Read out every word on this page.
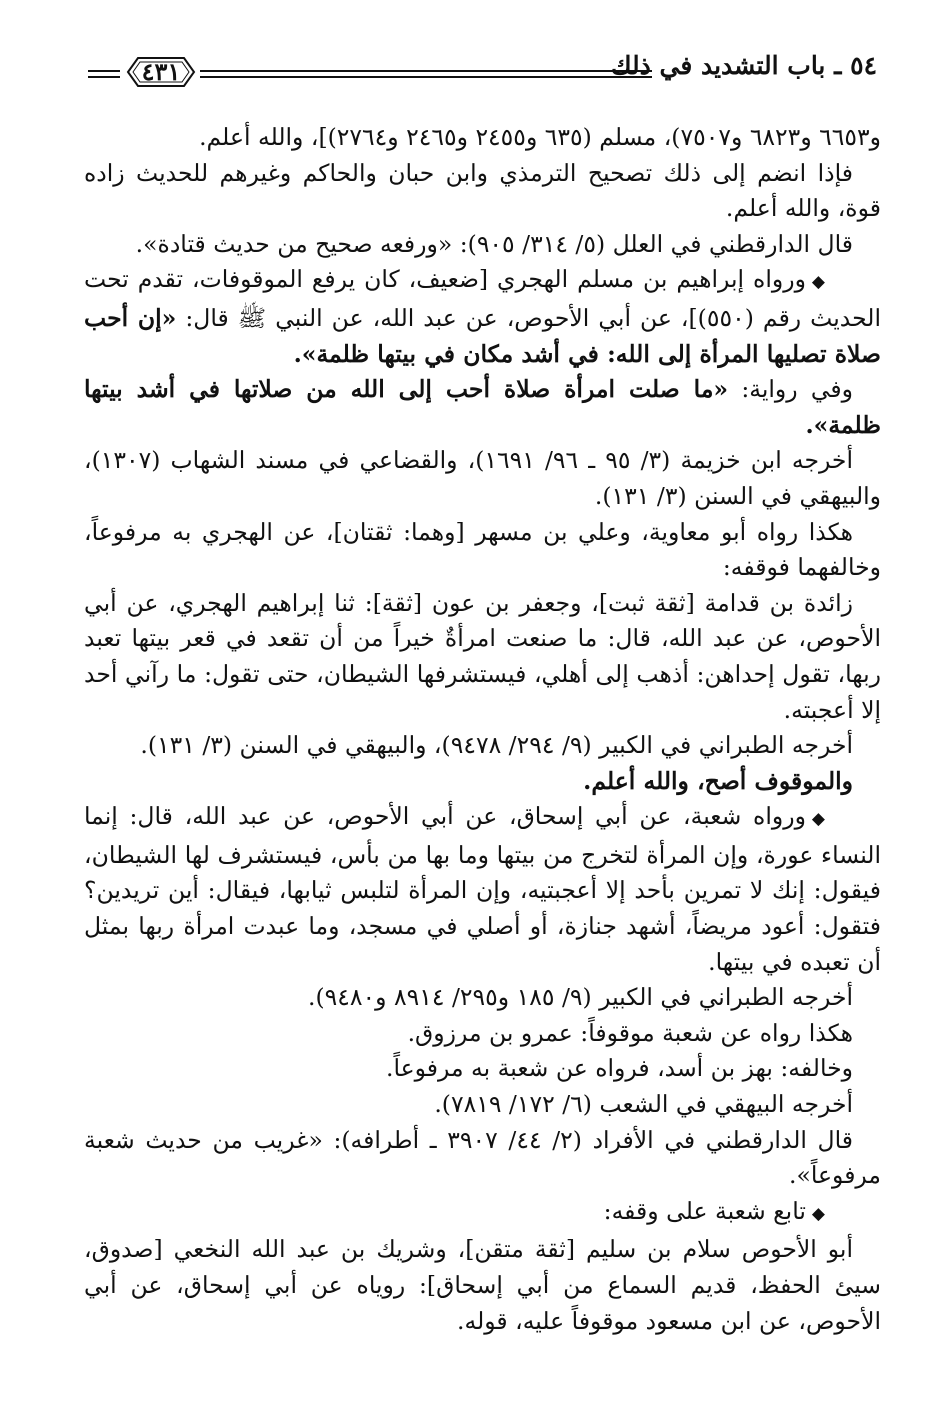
٥٤ ـ باب التشديد في ذلك
٤٣١

و٦٦٥٣ و٦٨٢٣ و٧٥٠٧)، مسلم (٦٣٥ و٢٤٥٥ و٢٤٦٥ و٢٧٦٤)]، والله أعلم.

فإذا انضم إلى ذلك تصحيح الترمذي وابن حبان والحاكم وغيرهم للحديث زاده قوة، والله أعلم.

قال الدارقطني في العلل (٥/ ٣١٤/ ٩٠٥): «ورفعه صحيح من حديث قتادة».

◆ورواه إبراهيم بن مسلم الهجري [ضعيف، كان يرفع الموقوفات، تقدم تحت الحديث رقم (٥٥٠)]، عن أبي الأحوص، عن عبد الله، عن النبي ﷺ قال: «إن أحب صلاة تصليها المرأة إلى الله: في أشد مكان في بيتها ظلمة».

وفي رواية: «ما صلت امرأة صلاة أحب إلى الله من صلاتها في أشد بيتها ظلمة».

أخرجه ابن خزيمة (٣/ ٩٥ ـ ٩٦/ ١٦٩١)، والقضاعي في مسند الشهاب (١٣٠٧)، والبيهقي في السنن (٣/ ١٣١).

هكذا رواه أبو معاوية، وعلي بن مسهر [وهما: ثقتان]، عن الهجري به مرفوعاً، وخالفهما فوقفه:

زائدة بن قدامة [ثقة ثبت]، وجعفر بن عون [ثقة]: ثنا إبراهيم الهجري، عن أبي الأحوص، عن عبد الله، قال: ما صنعت امرأةٌ خيراً من أن تقعد في قعر بيتها تعبد ربها، تقول إحداهن: أذهب إلى أهلي، فيستشرفها الشيطان، حتى تقول: ما رآني أحد إلا أعجبته.

أخرجه الطبراني في الكبير (٩/ ٢٩٤/ ٩٤٧٨)، والبيهقي في السنن (٣/ ١٣١).

والموقوف أصح، والله أعلم.

◆ورواه شعبة، عن أبي إسحاق، عن أبي الأحوص، عن عبد الله، قال: إنما النساء عورة، وإن المرأة لتخرج من بيتها وما بها من بأس، فيستشرف لها الشيطان، فيقول: إنك لا تمرين بأحد إلا أعجبتيه، وإن المرأة لتلبس ثيابها، فيقال: أين تريدين؟ فتقول: أعود مريضاً، أشهد جنازة، أو أصلي في مسجد، وما عبدت امرأة ربها بمثل أن تعبده في بيتها.

أخرجه الطبراني في الكبير (٩/ ١٨٥ و٢٩٥/ ٨٩١٤ و٩٤٨٠).

هكذا رواه عن شعبة موقوفاً: عمرو بن مرزوق.

وخالفه: بهز بن أسد، فرواه عن شعبة به مرفوعاً.

أخرجه البيهقي في الشعب (٦/ ١٧٢/ ٧٨١٩).

قال الدارقطني في الأفراد (٢/ ٤٤/ ٣٩٠٧ ـ أطرافه): «غريب من حديث شعبة مرفوعاً».

◆تابع شعبة على وقفه:

أبو الأحوص سلام بن سليم [ثقة متقن]، وشريك بن عبد الله النخعي [صدوق، سيئ الحفظ، قديم السماع من أبي إسحاق]: روياه عن أبي إسحاق، عن أبي الأحوص، عن ابن مسعود موقوفاً عليه، قوله.
